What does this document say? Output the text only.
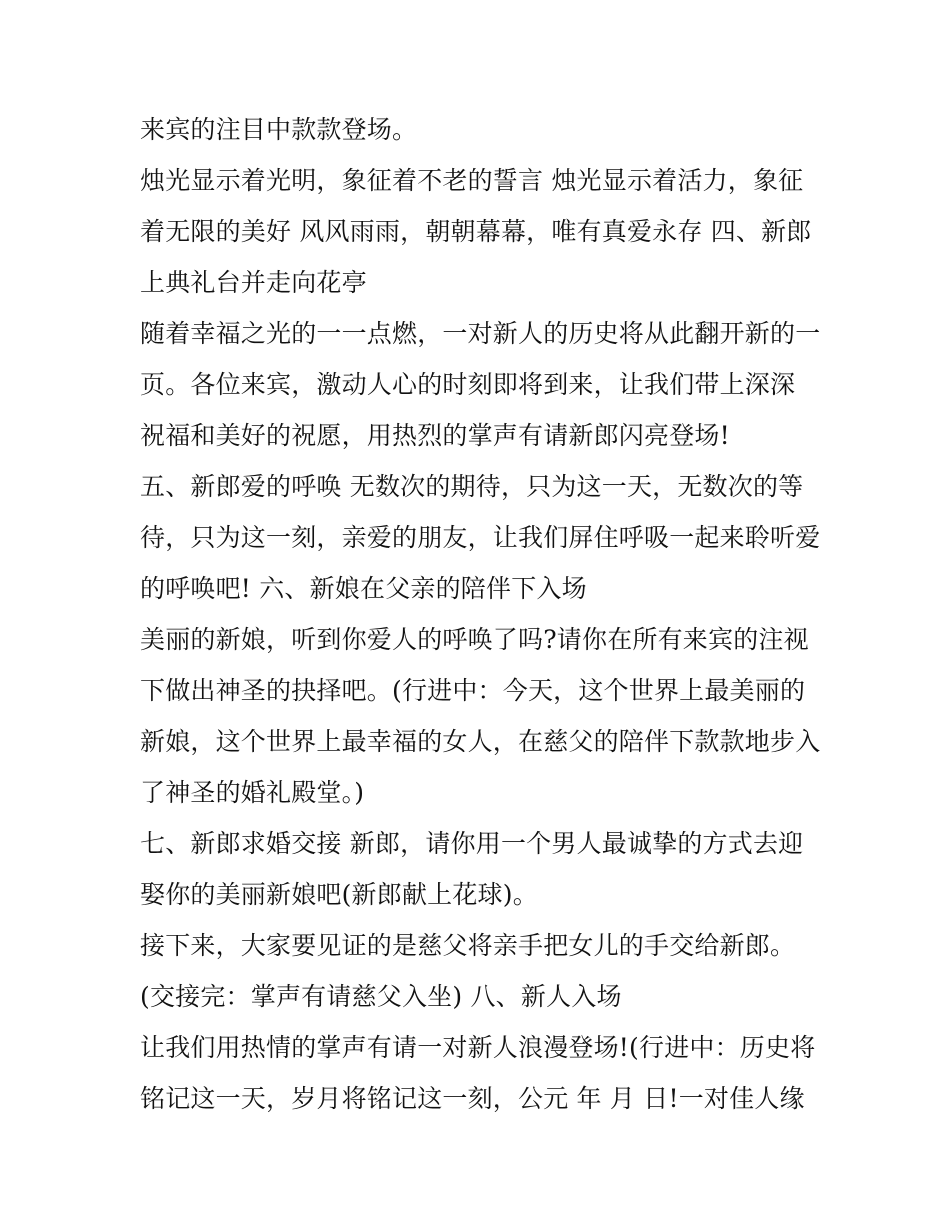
来宾的注目中款款登场。
烛光显示着光明，象征着不老的誓言 烛光显示着活力，象征
着无限的美好 风风雨雨，朝朝幕幕，唯有真爱永存 四、新郎
上典礼台并走向花亭
随着幸福之光的一一点燃，一对新人的历史将从此翻开新的一
页。各位来宾，激动人心的时刻即将到来，让我们带上深深
祝福和美好的祝愿，用热烈的掌声有请新郎闪亮登场!
五、新郎爱的呼唤 无数次的期待，只为这一天，无数次的等
待，只为这一刻，亲爱的朋友，让我们屏住呼吸一起来聆听爱
的呼唤吧! 六、新娘在父亲的陪伴下入场
美丽的新娘，听到你爱人的呼唤了吗?请你在所有来宾的注视
下做出神圣的抉择吧。(行进中：今天，这个世界上最美丽的
新娘，这个世界上最幸福的女人，在慈父的陪伴下款款地步入
了神圣的婚礼殿堂。)
七、新郎求婚交接 新郎，请你用一个男人最诚挚的方式去迎
娶你的美丽新娘吧(新郎献上花球)。
接下来，大家要见证的是慈父将亲手把女儿的手交给新郎。
(交接完：掌声有请慈父入坐) 八、新人入场
让我们用热情的掌声有请一对新人浪漫登场!(行进中：历史将
铭记这一天，岁月将铭记这一刻，公元 年 月 日!一对佳人缘
